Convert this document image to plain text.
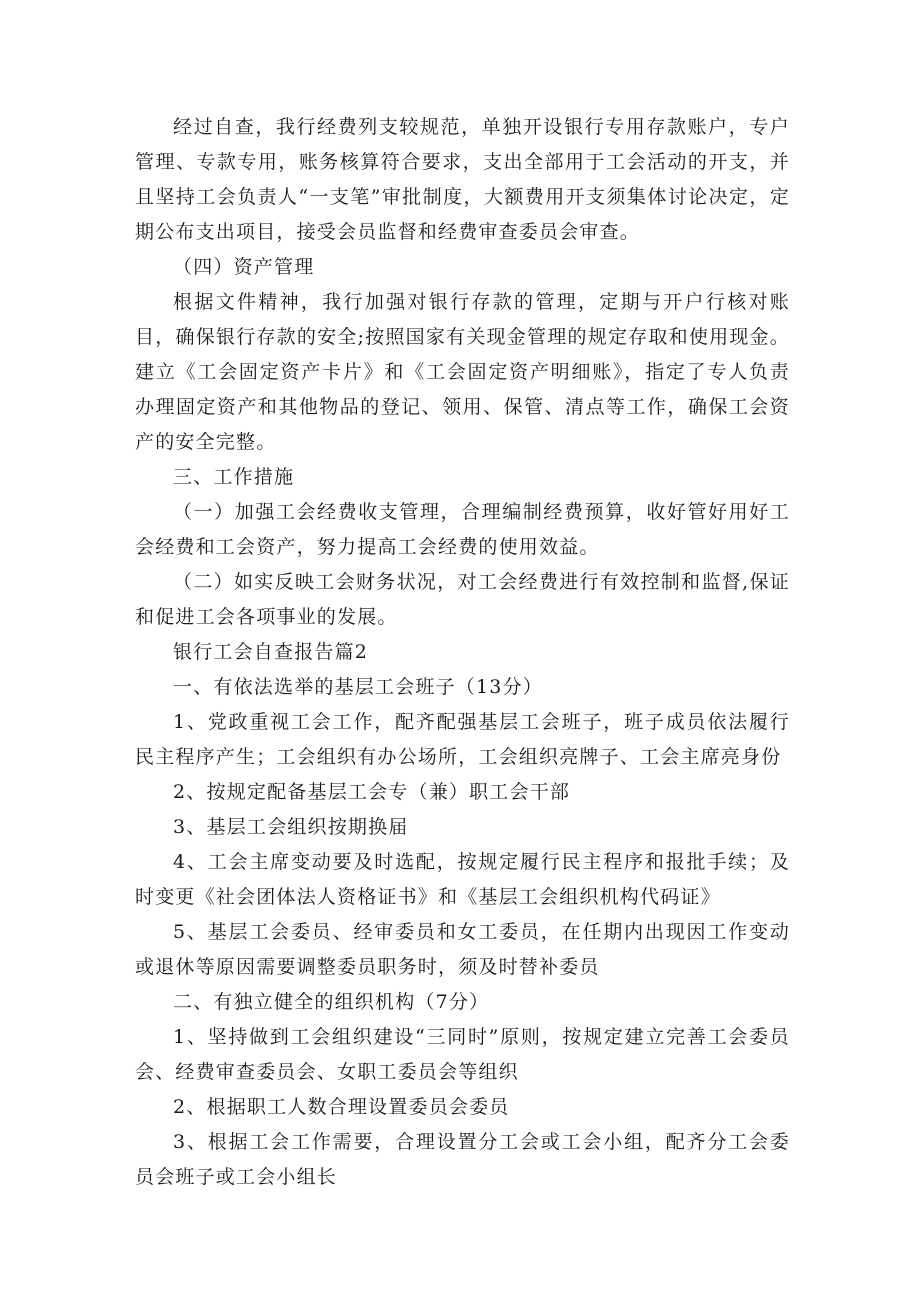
经过自查，我行经费列支较规范，单独开设银行专用存款账户，专户管理、专款专用，账务核算符合要求，支出全部用于工会活动的开支，并且坚持工会负责人“一支笔”审批制度，大额费用开支须集体讨论决定，定期公布支出项目，接受会员监督和经费审查委员会审查。

（四）资产管理

根据文件精神，我行加强对银行存款的管理，定期与开户行核对账目，确保银行存款的安全;按照国家有关现金管理的规定存取和使用现金。建立《工会固定资产卡片》和《工会固定资产明细账》，指定了专人负责办理固定资产和其他物品的登记、领用、保管、清点等工作，确保工会资产的安全完整。

三、工作措施

（一）加强工会经费收支管理，合理编制经费预算，收好管好用好工会经费和工会资产，努力提高工会经费的使用效益。

（二）如实反映工会财务状况，对工会经费进行有效控制和监督,保证和促进工会各项事业的发展。

银行工会自查报告篇2

一、有依法选举的基层工会班子（13分）

1、党政重视工会工作，配齐配强基层工会班子，班子成员依法履行民主程序产生；工会组织有办公场所，工会组织亮牌子、工会主席亮身份

2、按规定配备基层工会专（兼）职工会干部

3、基层工会组织按期换届

4、工会主席变动要及时选配，按规定履行民主程序和报批手续；及时变更《社会团体法人资格证书》和《基层工会组织机构代码证》

5、基层工会委员、经审委员和女工委员，在任期内出现因工作变动或退休等原因需要调整委员职务时，须及时替补委员

二、有独立健全的组织机构（7分）

1、坚持做到工会组织建设“三同时”原则，按规定建立完善工会委员会、经费审查委员会、女职工委员会等组织

2、根据职工人数合理设置委员会委员

3、根据工会工作需要，合理设置分工会或工会小组，配齐分工会委员会班子或工会小组长
